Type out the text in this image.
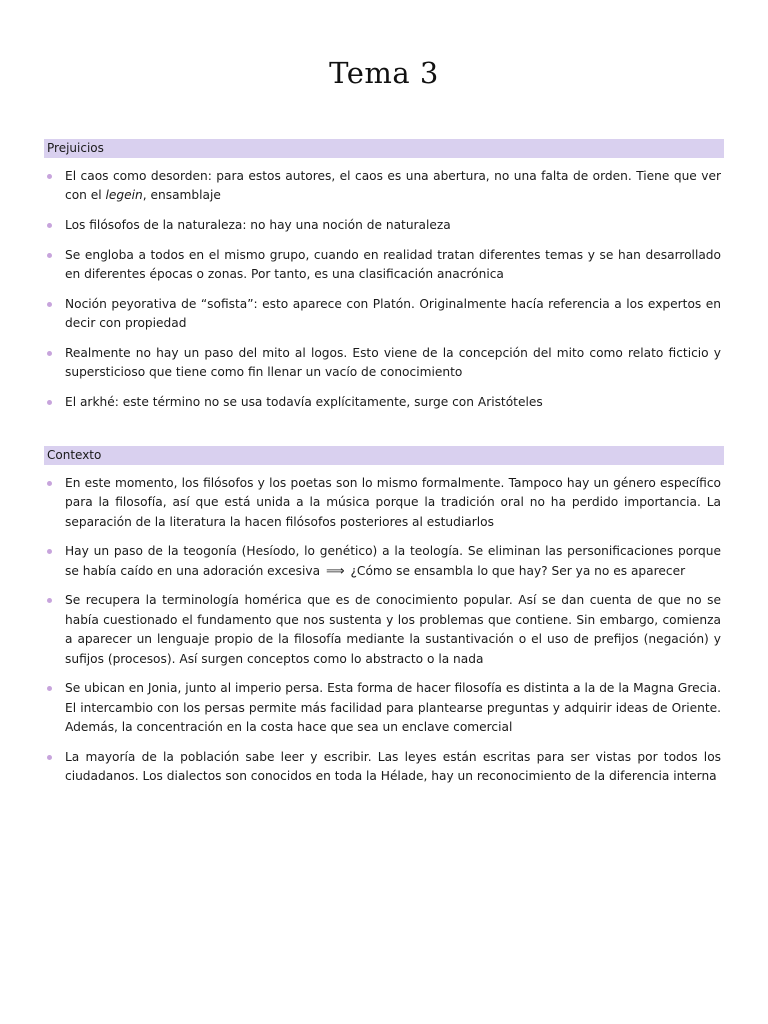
Tema 3
Prejuicios
El caos como desorden: para estos autores, el caos es una abertura, no una falta de orden. Tiene que ver con el legein, ensamblaje
Los filósofos de la naturaleza: no hay una noción de naturaleza
Se engloba a todos en el mismo grupo, cuando en realidad tratan diferentes temas y se han desarrollado en diferentes épocas o zonas. Por tanto, es una clasificación anacrónica
Noción peyorativa de “sofista”: esto aparece con Platón. Originalmente hacía referencia a los expertos en decir con propiedad
Realmente no hay un paso del mito al logos. Esto viene de la concepción del mito como relato ficticio y supersticioso que tiene como fin llenar un vacío de conocimiento
El arkhé: este término no se usa todavía explícitamente, surge con Aristóteles
Contexto
En este momento, los filósofos y los poetas son lo mismo formalmente. Tampoco hay un género específico para la filosofía, así que está unida a la música porque la tradición oral no ha perdido importancia. La separación de la literatura la hacen filósofos posteriores al estudiarlos
Hay un paso de la teogonía (Hesíodo, lo genético) a la teología. Se eliminan las personificaciones porque se había caído en una adoración excesiva ⟹ ¿Cómo se ensambla lo que hay? Ser ya no es aparecer
Se recupera la terminología homérica que es de conocimiento popular. Así se dan cuenta de que no se había cuestionado el fundamento que nos sustenta y los problemas que contiene. Sin embargo, comienza a aparecer un lenguaje propio de la filosofía mediante la sustantivación o el uso de prefijos (negación) y sufijos (procesos). Así surgen conceptos como lo abstracto o la nada
Se ubican en Jonia, junto al imperio persa. Esta forma de hacer filosofía es distinta a la de la Magna Grecia. El intercambio con los persas permite más facilidad para plantearse preguntas y adquirir ideas de Oriente. Además, la concentración en la costa hace que sea un enclave comercial
La mayoría de la población sabe leer y escribir. Las leyes están escritas para ser vistas por todos los ciudadanos. Los dialectos son conocidos en toda la Hélade, hay un reconocimiento de la diferencia interna
